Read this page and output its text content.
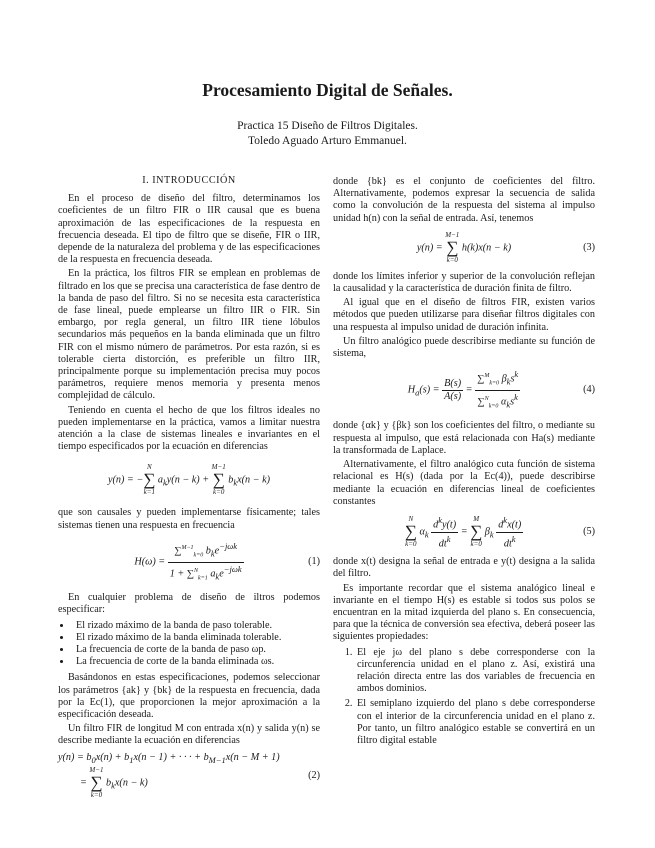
Procesamiento Digital de Señales.
Practica 15 Diseño de Filtros Digitales.
Toledo Aguado Arturo Emmanuel.
I. INTRODUCCIÓN

En el proceso de diseño del filtro, determinamos los coeficientes de un filtro FIR o IIR causal que es buena aproximación de las especificaciones de la respuesta en frecuencia deseada. El tipo de filtro que se diseñe, FIR o IIR, depende de la naturaleza del problema y de las especificaciones de la respuesta en frecuencia deseada.

En la práctica, los filtros FIR se emplean en problemas de filtrado en los que se precisa una característica de fase dentro de la banda de paso del filtro. Si no se necesita esta característica de fase lineal, puede emplearse un filtro IIR o FIR. Sin embargo, por regla general, un filtro IIR tiene lóbulos secundarios más pequeños en la banda eliminada que un filtro FIR con el mismo número de parámetros. Por esta razón, si es tolerable cierta distorción, es preferible un filtro IIR, principalmente porque su implementación precisa muy pocos parámetros, requiere menos memoria y presenta menos complejidad de cálculo.

Teniendo en cuenta el hecho de que los filtros ideales no pueden implementarse en la práctica, vamos a limitar nuestra atención a la clase de sistemas lineales e invariantes en el tiempo especificados por la ecuación en diferencias

y(n) = −
N
∑
k=1
$a_ky(n - k)$ +
M−1
∑
k=0
$b_kx(n - k)$

que son causales y pueden implementarse físicamente; tales sistemas tienen una respuesta en frecuencia

$H(\omega) = \frac{\sum^{M-1}_{k=0} b_ke^{-j\omega k}}{1 + \sum^N_{k=1} a_ke^{-j\omega k}}$	(1)

En cualquier problema de diseño de iltros podemos especificar:

• El rizado máximo de la banda de paso tolerable.
• El rizado máximo de la banda eliminada tolerable.
• La frecuencia de corte de la banda de paso ωp.
• La frecuencia de corte de la banda eliminada ωs.

Basándonos en estas especificaciones, podemos seleccionar los parámetros {ak} y {bk} de la respuesta en frecuencia, dada por la Ec(1), que proporcionen la mejor aproximación a la especificación deseada.

Un filtro FIR de longitud M con entrada x(n) y salida y(n) se describe mediante la ecuación en diferencias

$y(n) = b_0x(n) + b_1x(n - 1)$ + · · · + $b_{M-1}x(n - M + 1)$
=
M−1
∑
k=0
$b_kx(n - k)$
(2)

donde {bk} es el conjunto de coeficientes del filtro. Alternativamente, podemos expresar la secuencia de salida como la convolución de la respuesta del sistema al impulso unidad h(n) con la señal de entrada. Así, tenemos

y(n) =
M−1
∑
k=0
h(k)x(n − k)	(3)

donde los límites inferior y superior de la convolución reflejan la causalidad y la característica de duración finita de filtro.

Al igual que en el diseño de filtros FIR, existen varios métodos que pueden utilizarse para diseñar filtros digitales con una respuesta al impulso unidad de duración infinita.

Un filtro analógico puede describirse mediante su función de sistema,

$H_a(s) = \frac{B(s)}{A(s)} = \frac{\sum^M_{k=0} \beta_ks^k}{\sum^N_{k=0} \alpha_ks^k}$	(4)

donde {αk} y {βk} son los coeficientes del filtro, o mediante su respuesta al impulso, que está relacionada con Ha(s) mediante la transformada de Laplace.

Alternativamente, el filtro analógico cuta función de sistema relacional es H(s) (dada por la Ec(4)), puede describirse mediante la ecuación en diferencias lineal de coeficientes constantes

N
∑
k=0
$\alpha_k \frac{d^ky(t)}{dt^k}$ =
M
∑
k=0
$\beta_k \frac{d^kx(t)}{dt^k}$	(5)

donde x(t) designa la señal de entrada e y(t) designa a la salida del filtro.

Es importante recordar que el sistema analógico lineal e invariante en el tiempo H(s) es estable si todos sus polos se encuentran en la mitad izquierda del plano s. En consecuencia, para que la técnica de conversión sea efectiva, deberá poseer las siguientes propiedades:

1. El eje jω del plano s debe corresponderse con la circunferencia unidad en el plano z. Así, existirá una relación directa entre las dos variables de frecuencia en ambos dominios.
2. El semiplano izquierdo del plano s debe corresponderse con el interior de la circunferencia unidad en el plano z. Por tanto, un filtro analógico estable se convertirá en un filtro digital estable
